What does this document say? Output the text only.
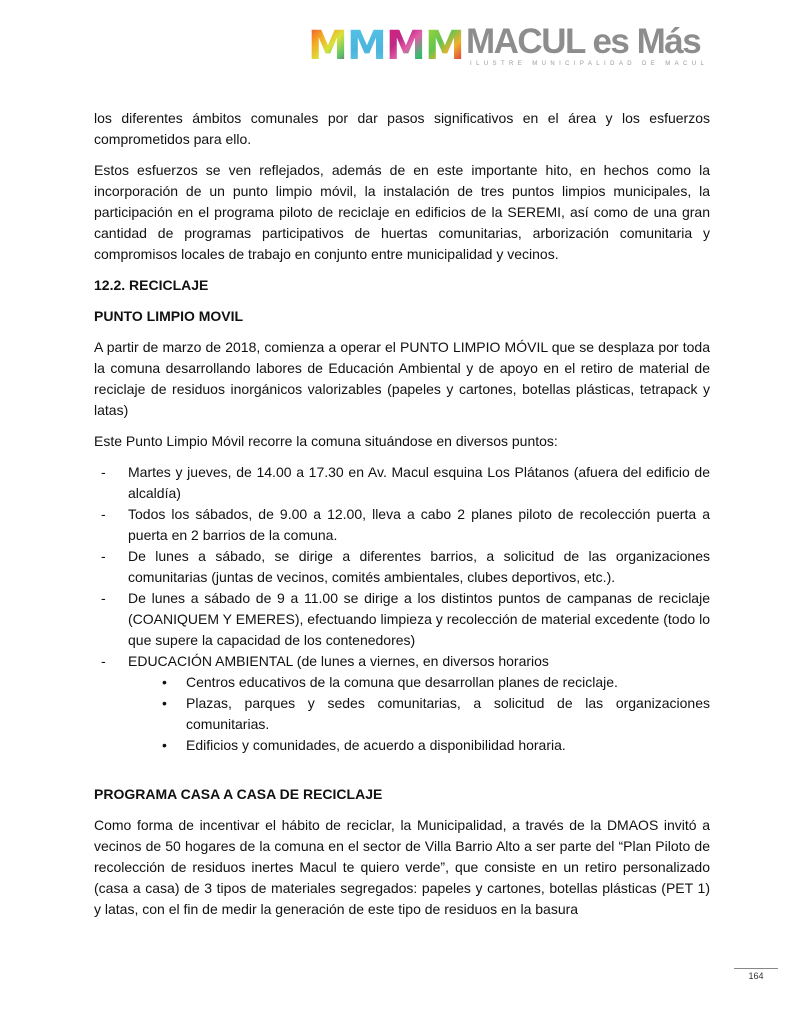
M M M M MACUL es Más
ILUSTRE MUNICIPALIDAD DE MACUL

los diferentes ámbitos comunales por dar pasos significativos en el área y los esfuerzos comprometidos para ello.

Estos esfuerzos se ven reflejados, además de en este importante hito, en hechos como la incorporación de un punto limpio móvil, la instalación de tres puntos limpios municipales, la participación en el programa piloto de reciclaje en edificios de la SEREMI, así como de una gran cantidad de programas participativos de huertas comunitarias, arborización comunitaria y compromisos locales de trabajo en conjunto entre municipalidad y vecinos.

12.2. RECICLAJE
PUNTO LIMPIO MOVIL

A partir de marzo de 2018, comienza a operar el PUNTO LIMPIO MÓVIL que se desplaza por toda la comuna desarrollando labores de Educación Ambiental y de apoyo en el retiro de material de reciclaje de residuos inorgánicos valorizables (papeles y cartones, botellas plásticas, tetrapack y latas)

Este Punto Limpio Móvil recorre la comuna situándose en diversos puntos:

- Martes y jueves, de 14.00 a 17.30 en Av. Macul esquina Los Plátanos (afuera del edificio de alcaldía)
- Todos los sábados, de 9.00 a 12.00, lleva a cabo 2 planes piloto de recolección puerta a puerta en 2 barrios de la comuna.
- De lunes a sábado, se dirige a diferentes barrios, a solicitud de las organizaciones comunitarias (juntas de vecinos, comités ambientales, clubes deportivos, etc.).
- De lunes a sábado de 9 a 11.00 se dirige a los distintos puntos de campanas de reciclaje (COANIQUEM Y EMERES), efectuando limpieza y recolección de material excedente (todo lo que supere la capacidad de los contenedores)
- EDUCACIÓN AMBIENTAL (de lunes a viernes, en diversos horarios
• Centros educativos de la comuna que desarrollan planes de reciclaje.
• Plazas, parques y sedes comunitarias, a solicitud de las organizaciones comunitarias.
• Edificios y comunidades, de acuerdo a disponibilidad horaria.
PROGRAMA CASA A CASA DE RECICLAJE

Como forma de incentivar el hábito de reciclar, la Municipalidad, a través de la DMAOS invitó a vecinos de 50 hogares de la comuna en el sector de Villa Barrio Alto a ser parte del “Plan Piloto de recolección de residuos inertes Macul te quiero verde”, que consiste en un retiro personalizado (casa a casa) de 3 tipos de materiales segregados: papeles y cartones, botellas plásticas (PET 1) y latas, con el fin de medir la generación de este tipo de residuos en la basura

164
